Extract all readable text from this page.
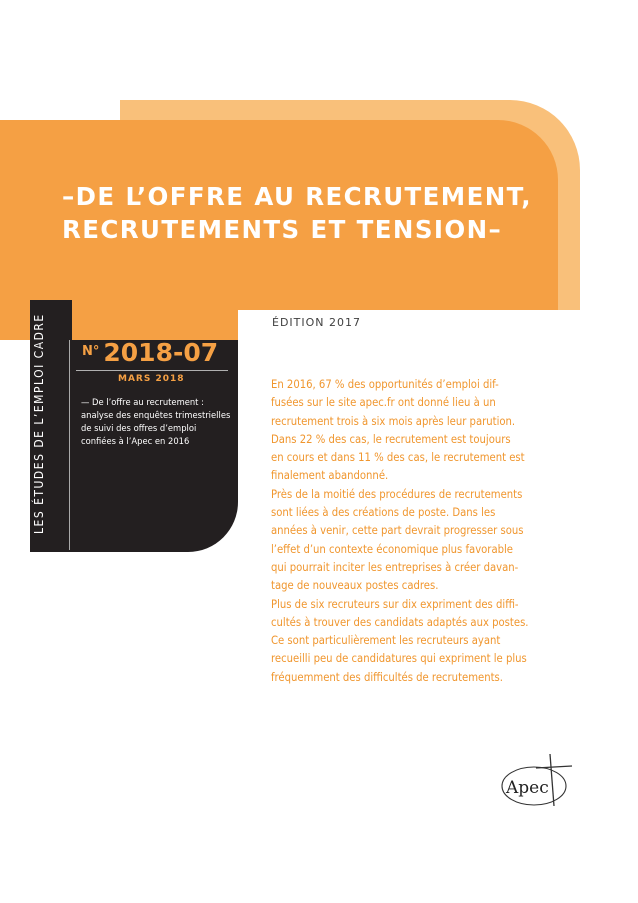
–DE L’OFFRE AU RECRUTEMENT,
RECRUTEMENTS ET TENSION–
LES ÉTUDES DE L’EMPLOI CADRE	$^{N^\circ}$ 2018-07
MARS 2018

— De l’offre au recrutement : analyse des enquêtes trimestrielles de suivi des offres d’emploi confiées à l’Apec en 2016

ÉDITION 2017

En 2016, 67 % des opportunités d’emploi dif-
fusées sur le site apec.fr ont donné lieu à un
recrutement trois à six mois après leur parution.
Dans 22 % des cas, le recrutement est toujours
en cours et dans 11 % des cas, le recrutement est
finalement abandonné.
Près de la moitié des procédures de recrutements
sont liées à des créations de poste. Dans les
années à venir, cette part devrait progresser sous
l’effet d’un contexte économique plus favorable
qui pourrait inciter les entreprises à créer davan-
tage de nouveaux postes cadres.
Plus de six recruteurs sur dix expriment des diffi-
cultés à trouver des candidats adaptés aux postes.
Ce sont particulièrement les recruteurs ayant
recueilli peu de candidatures qui expriment le plus
fréquemment des difficultés de recrutements.

Apec
